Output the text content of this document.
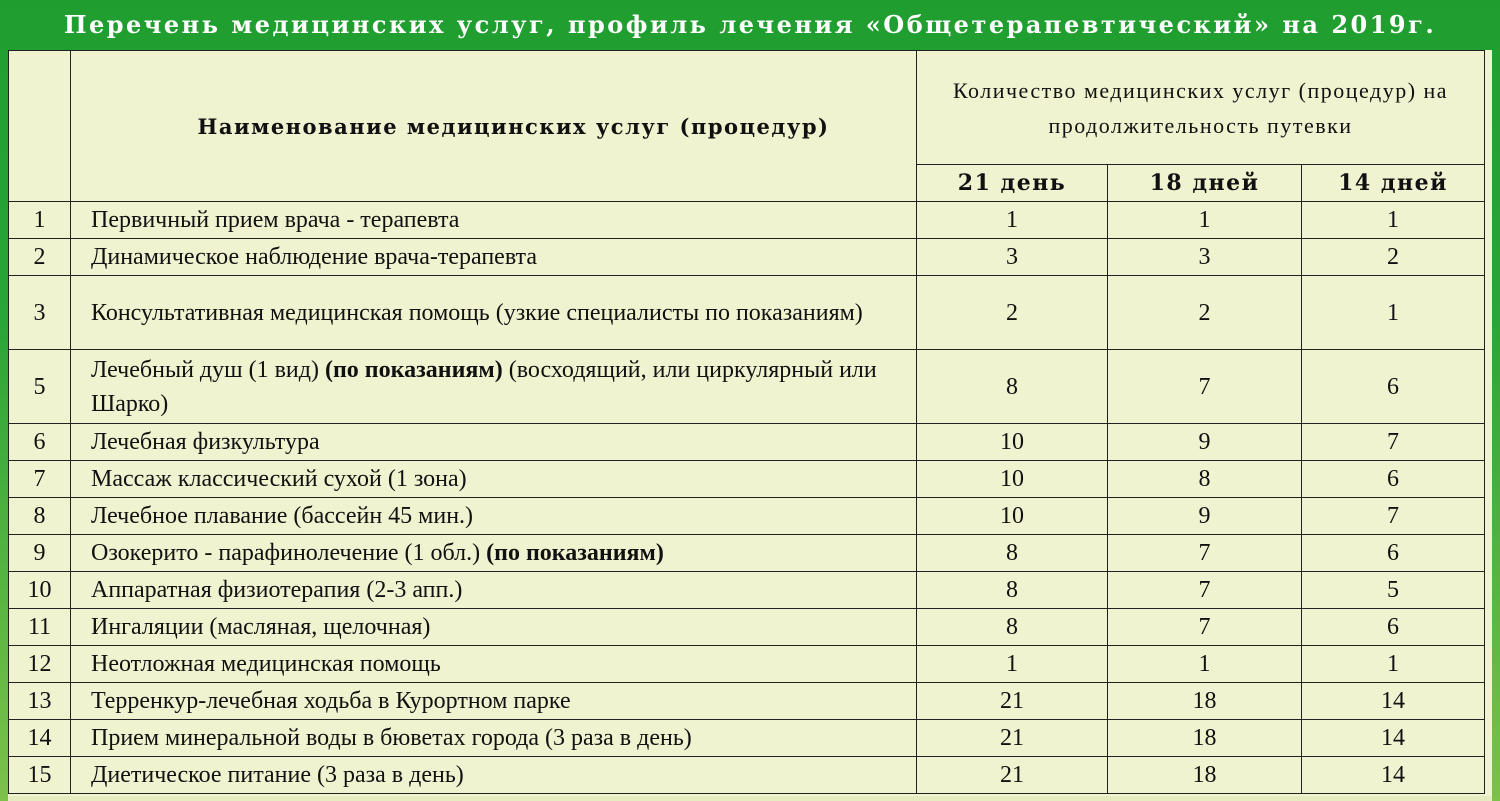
Перечень медицинских услуг, профиль лечения «Общетерапевтический» на 2019г.
	Наименование медицинских услуг (процедур)	Количество медицинских услуг (процедур) на продолжительность путевки		
		21 день	18 дней	14 дней
1	Первичный прием врача - терапевта	1	1	1
2	Динамическое наблюдение врача-терапевта	3	3	2
3	Консультативная медицинская помощь (узкие специалисты по показаниям)	2	2	1
5	Лечебный душ (1 вид) (по показаниям) (восходящий, или циркулярный или Шарко)	8	7	6
6	Лечебная физкультура	10	9	7
7	Массаж классический сухой (1 зона)	10	8	6
8	Лечебное плавание (бассейн 45 мин.)	10	9	7
9	Озокерито - парафинолечение (1 обл.) (по показаниям)	8	7	6
10	Аппаратная физиотерапия (2-3 апп.)	8	7	5
11	Ингаляции (масляная, щелочная)	8	7	6
12	Неотложная медицинская помощь	1	1	1
13	Терренкур-лечебная ходьба в Курортном парке	21	18	14
14	Прием минеральной воды в бюветах города (3 раза в день)	21	18	14
15	Диетическое питание (3 раза в день)	21	18	14
